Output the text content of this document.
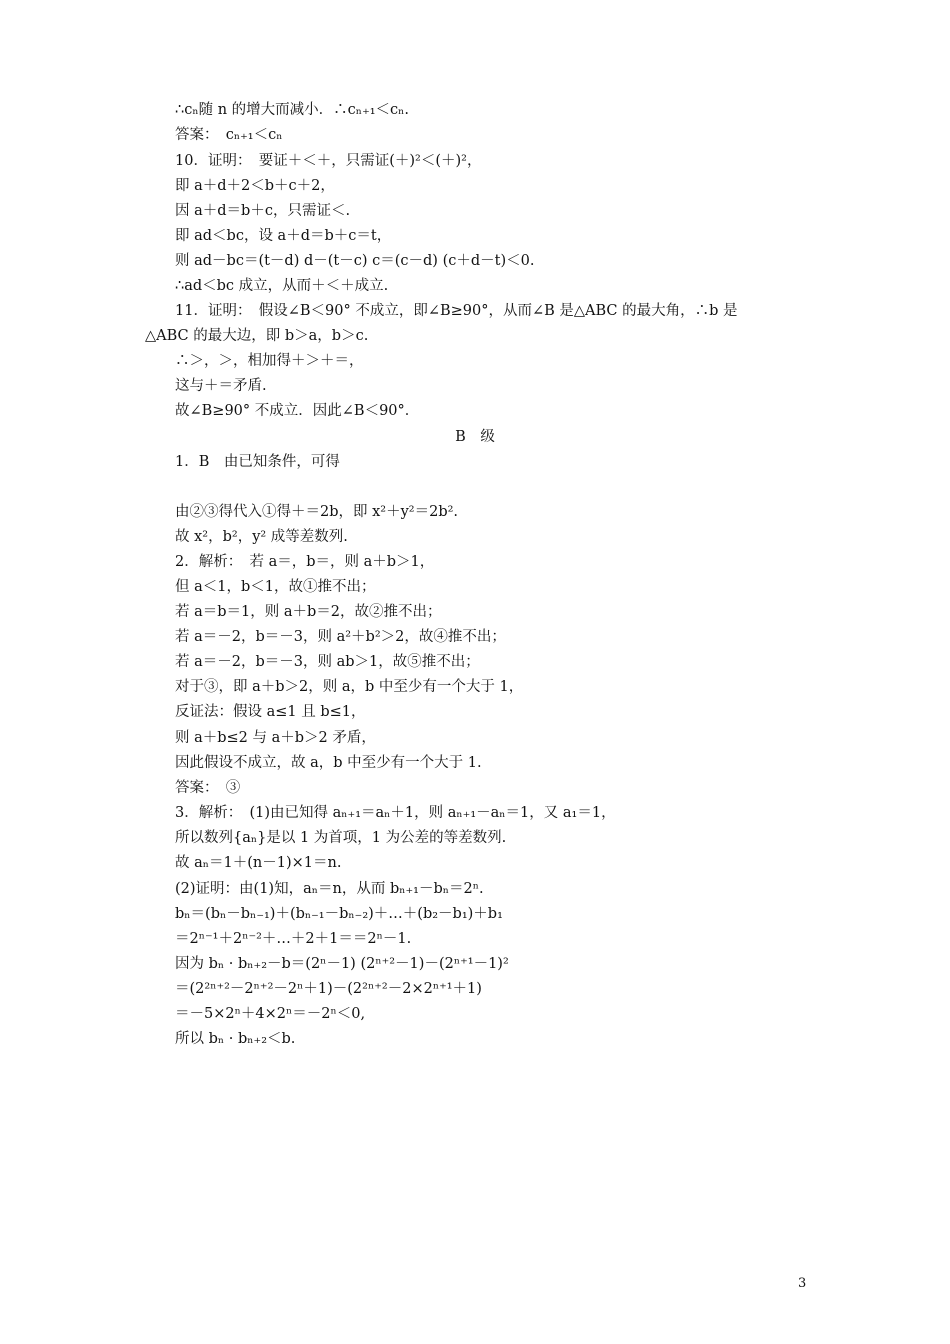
∴cₙ随 n 的增大而减小．∴cₙ₊₁＜cₙ.
答案：　cₙ₊₁＜cₙ
10．证明：　要证＋＜＋，只需证(＋)²＜(＋)²，
即 a＋d＋2＜b＋c＋2，
因 a＋d＝b＋c，只需证＜.
即 ad＜bc，设 a＋d＝b＋c＝t，
则 ad－bc＝(t－d) d－(t－c) c＝(c－d) (c＋d－t)＜0.
∴ad＜bc 成立，从而＋＜＋成立.
11．证明：　假设∠B＜90° 不成立，即∠B≥90°，从而∠B 是△ABC 的最大角，∴b 是
△ABC 的最大边，即 b＞a，b＞c.
∴＞，＞，相加得＋＞＋＝，
这与＋＝矛盾.
故∠B≥90° 不成立．因此∠B＜90°．
B　级
1．B　由已知条件，可得
由②③得代入①得＋＝2b，即 x²＋y²＝2b².
故 x²，b²，y² 成等差数列.
2．解析：　若 a＝，b＝，则 a＋b＞1，
但 a＜1，b＜1，故①推不出；
若 a＝b＝1，则 a＋b＝2，故②推不出；
若 a＝－2，b＝－3，则 a²＋b²＞2，故④推不出；
若 a＝－2，b＝－3，则 ab＞1，故⑤推不出；
对于③，即 a＋b＞2，则 a，b 中至少有一个大于 1，
反证法：假设 a≤1 且 b≤1，
则 a＋b≤2 与 a＋b＞2 矛盾，
因此假设不成立，故 a，b 中至少有一个大于 1.
答案：　③
3．解析：　(1)由已知得 aₙ₊₁＝aₙ＋1，则 aₙ₊₁－aₙ＝1，又 a₁＝1，
所以数列{aₙ}是以 1 为首项，1 为公差的等差数列.
故 aₙ＝1＋(n－1)×1＝n.
(2)证明：由(1)知，aₙ＝n，从而 bₙ₊₁－bₙ＝2ⁿ.
bₙ＝(bₙ－bₙ₋₁)＋(bₙ₋₁－bₙ₋₂)＋…＋(b₂－b₁)＋b₁
＝2ⁿ⁻¹＋2ⁿ⁻²＋…＋2＋1＝＝2ⁿ－1.
因为 bₙ · bₙ₊₂－b＝(2ⁿ－1) (2ⁿ⁺²－1)－(2ⁿ⁺¹－1)²
＝(2²ⁿ⁺²－2ⁿ⁺²－2ⁿ＋1)－(2²ⁿ⁺²－2×2ⁿ⁺¹＋1)
＝－5×2ⁿ＋4×2ⁿ＝－2ⁿ＜0,
所以 bₙ · bₙ₊₂＜b.
3
